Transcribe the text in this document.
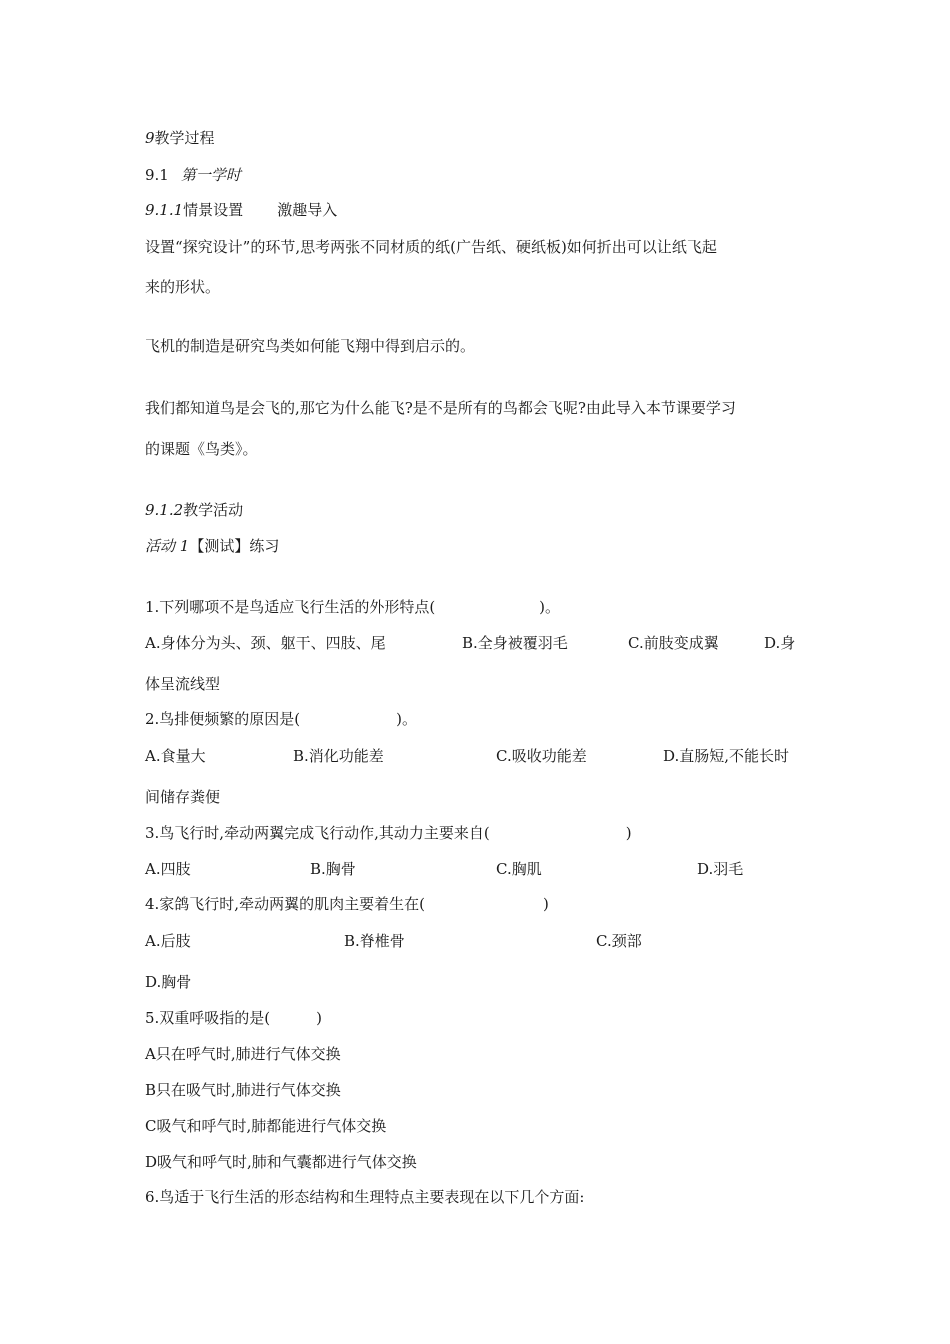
9教学过程
9.1 第一学时
9.1.1情景设置 激趣导入
设置“探究设计”的环节,思考两张不同材质的纸(广告纸、硬纸板)如何折出可以让纸飞起
来的形状。
飞机的制造是研究鸟类如何能飞翔中得到启示的。
我们都知道鸟是会飞的,那它为什么能飞?是不是所有的鸟都会飞呢?由此导入本节课要学习
的课题《鸟类》。
9.1.2教学活动
活动 1【测试】练习
1.下列哪项不是鸟适应飞行生活的外形特点(	)。
A.身体分为头、颈、躯干、四肢、尾	B.全身被覆羽毛	C.前肢变成翼	D.身
体呈流线型
2.鸟排便频繁的原因是(	)。
A.食量大	B.消化功能差	C.吸收功能差	D.直肠短,不能长时
间储存粪便
3.鸟飞行时,牵动两翼完成飞行动作,其动力主要来自(	)
A.四肢	B.胸骨	C.胸肌	D.羽毛
4.家鸽飞行时,牵动两翼的肌肉主要着生在(	)
A.后肢	B.脊椎骨	C.颈部
D.胸骨
5.双重呼吸指的是(	)
A只在呼气时,肺进行气体交换
B只在吸气时,肺进行气体交换
C吸气和呼气时,肺都能进行气体交换
D吸气和呼气时,肺和气囊都进行气体交换
6.鸟适于飞行生活的形态结构和生理特点主要表现在以下几个方面:
